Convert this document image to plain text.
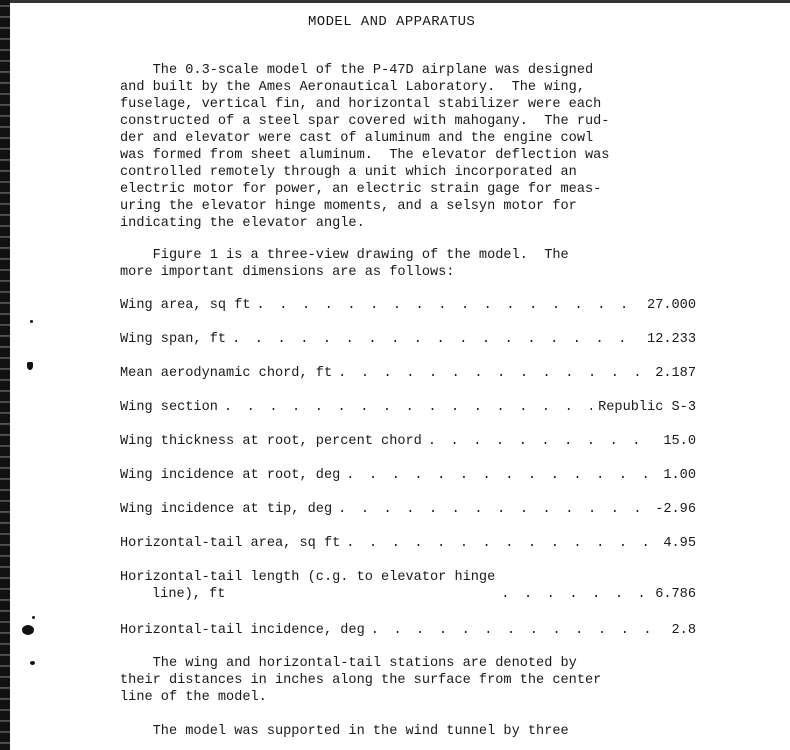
MODEL AND APPARATUS

The 0.3-scale model of the P-47D airplane was designed
and built by the Ames Aeronautical Laboratory.  The wing,
fuselage, vertical fin, and horizontal stabilizer were each
constructed of a steel spar covered with mahogany.  The rud-
der and elevator were cast of aluminum and the engine cowl
was formed from sheet aluminum.  The elevator deflection was
controlled remotely through a unit which incorporated an
electric motor for power, an electric strain gage for meas-
uring the elevator hinge moments, and a selsyn motor for
indicating the elevator angle.

Figure 1 is a three-view drawing of the model.  The
more important dimensions are as follows:

Wing area, sq ft . . .	27.000
Wing span, ft . . .	12.233
Mean aerodynamic chord, ft . . .	2.187
Wing section . . .	Republic S-3
Wing thickness at root, percent chord . . .	15.0
Wing incidence at root, deg . . .	1.00
Wing incidence at tip, deg . . .	-2.96
Horizontal-tail area, sq ft . . .	4.95
Horizontal-tail length (c.g. to elevator hinge
line), ft . . .	6.786
Horizontal-tail incidence, deg . . .	2.8

The wing and horizontal-tail stations are denoted by
their distances in inches along the surface from the center
line of the model.

The model was supported in the wind tunnel by three
